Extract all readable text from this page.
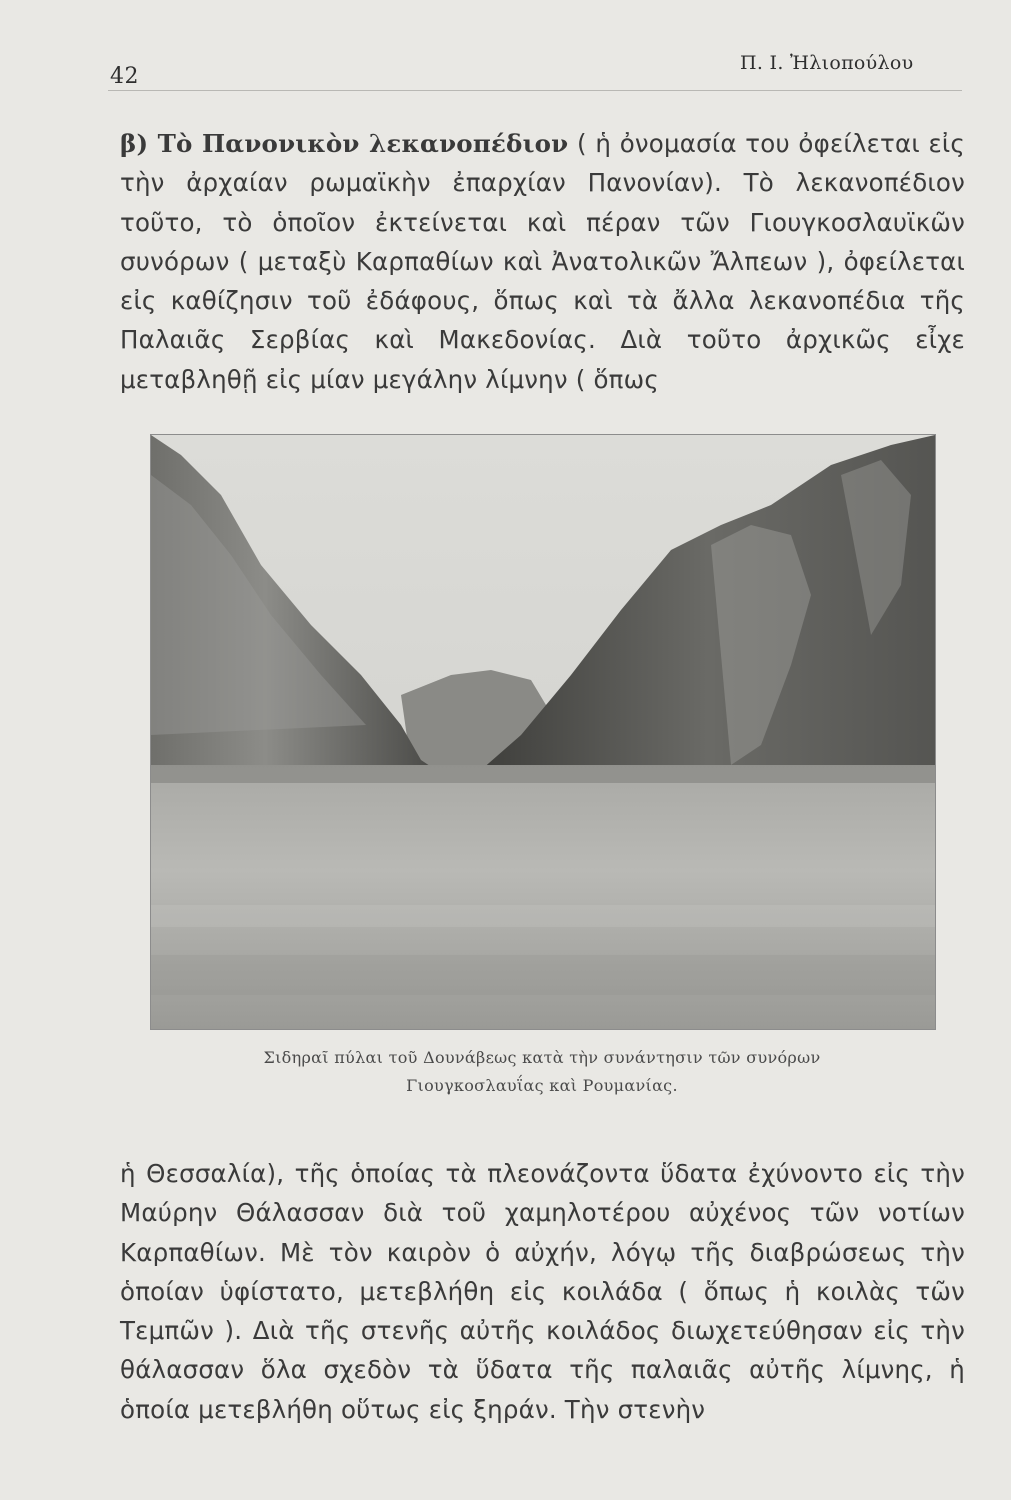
42
Π. Ι. Ἠλιοπούλου
β) Τὸ Πανονικὸν λεκανοπέδιον ( ἡ ὀνομασία του ὀφείλεται εἰς τὴν ἀρχαίαν ρωμαϊκὴν ἐπαρχίαν Πανονίαν). Τὸ λεκανοπέδιον τοῦτο, τὸ ὁποῖον ἐκτείνεται καὶ πέραν τῶν Γιουγκοσλαυϊκῶν συνόρων ( μεταξὺ Καρπαθίων καὶ Ἀνατολικῶν Ἄλπεων ), ὀφείλεται εἰς καθίζησιν τοῦ ἐδάφους, ὅπως καὶ τὰ ἄλλα λεκανοπέδια τῆς Παλαιᾶς Σερβίας καὶ Μακεδονίας. Διὰ τοῦτο ἀρχικῶς εἶχε μεταβληθῇ εἰς μίαν μεγάλην λίμνην ( ὅπως
Σιδηραῖ πύλαι τοῦ Δουνάβεως κατὰ τὴν συνάντησιν τῶν συνόρων
Γιουγκοσλαυΐας καὶ Ρουμανίας.
ἡ Θεσσαλία), τῆς ὁποίας τὰ πλεονάζοντα ὕδατα ἐχύνοντο εἰς τὴν Μαύρην Θάλασσαν διὰ τοῦ χαμηλοτέρου αὐχένος τῶν νοτίων Καρπαθίων. Μὲ τὸν καιρὸν ὁ αὐχήν, λόγῳ τῆς διαβρώσεως τὴν ὁποίαν ὑφίστατο, μετεβλήθη εἰς κοιλάδα ( ὅπως ἡ κοιλὰς τῶν Τεμπῶν ). Διὰ τῆς στενῆς αὐτῆς κοιλάδος διωχετεύθησαν εἰς τὴν θάλασσαν ὅλα σχεδὸν τὰ ὕδατα τῆς παλαιᾶς αὐτῆς λίμνης, ἡ ὁποία μετεβλήθη οὕτως εἰς ξηράν. Τὴν στενὴν
